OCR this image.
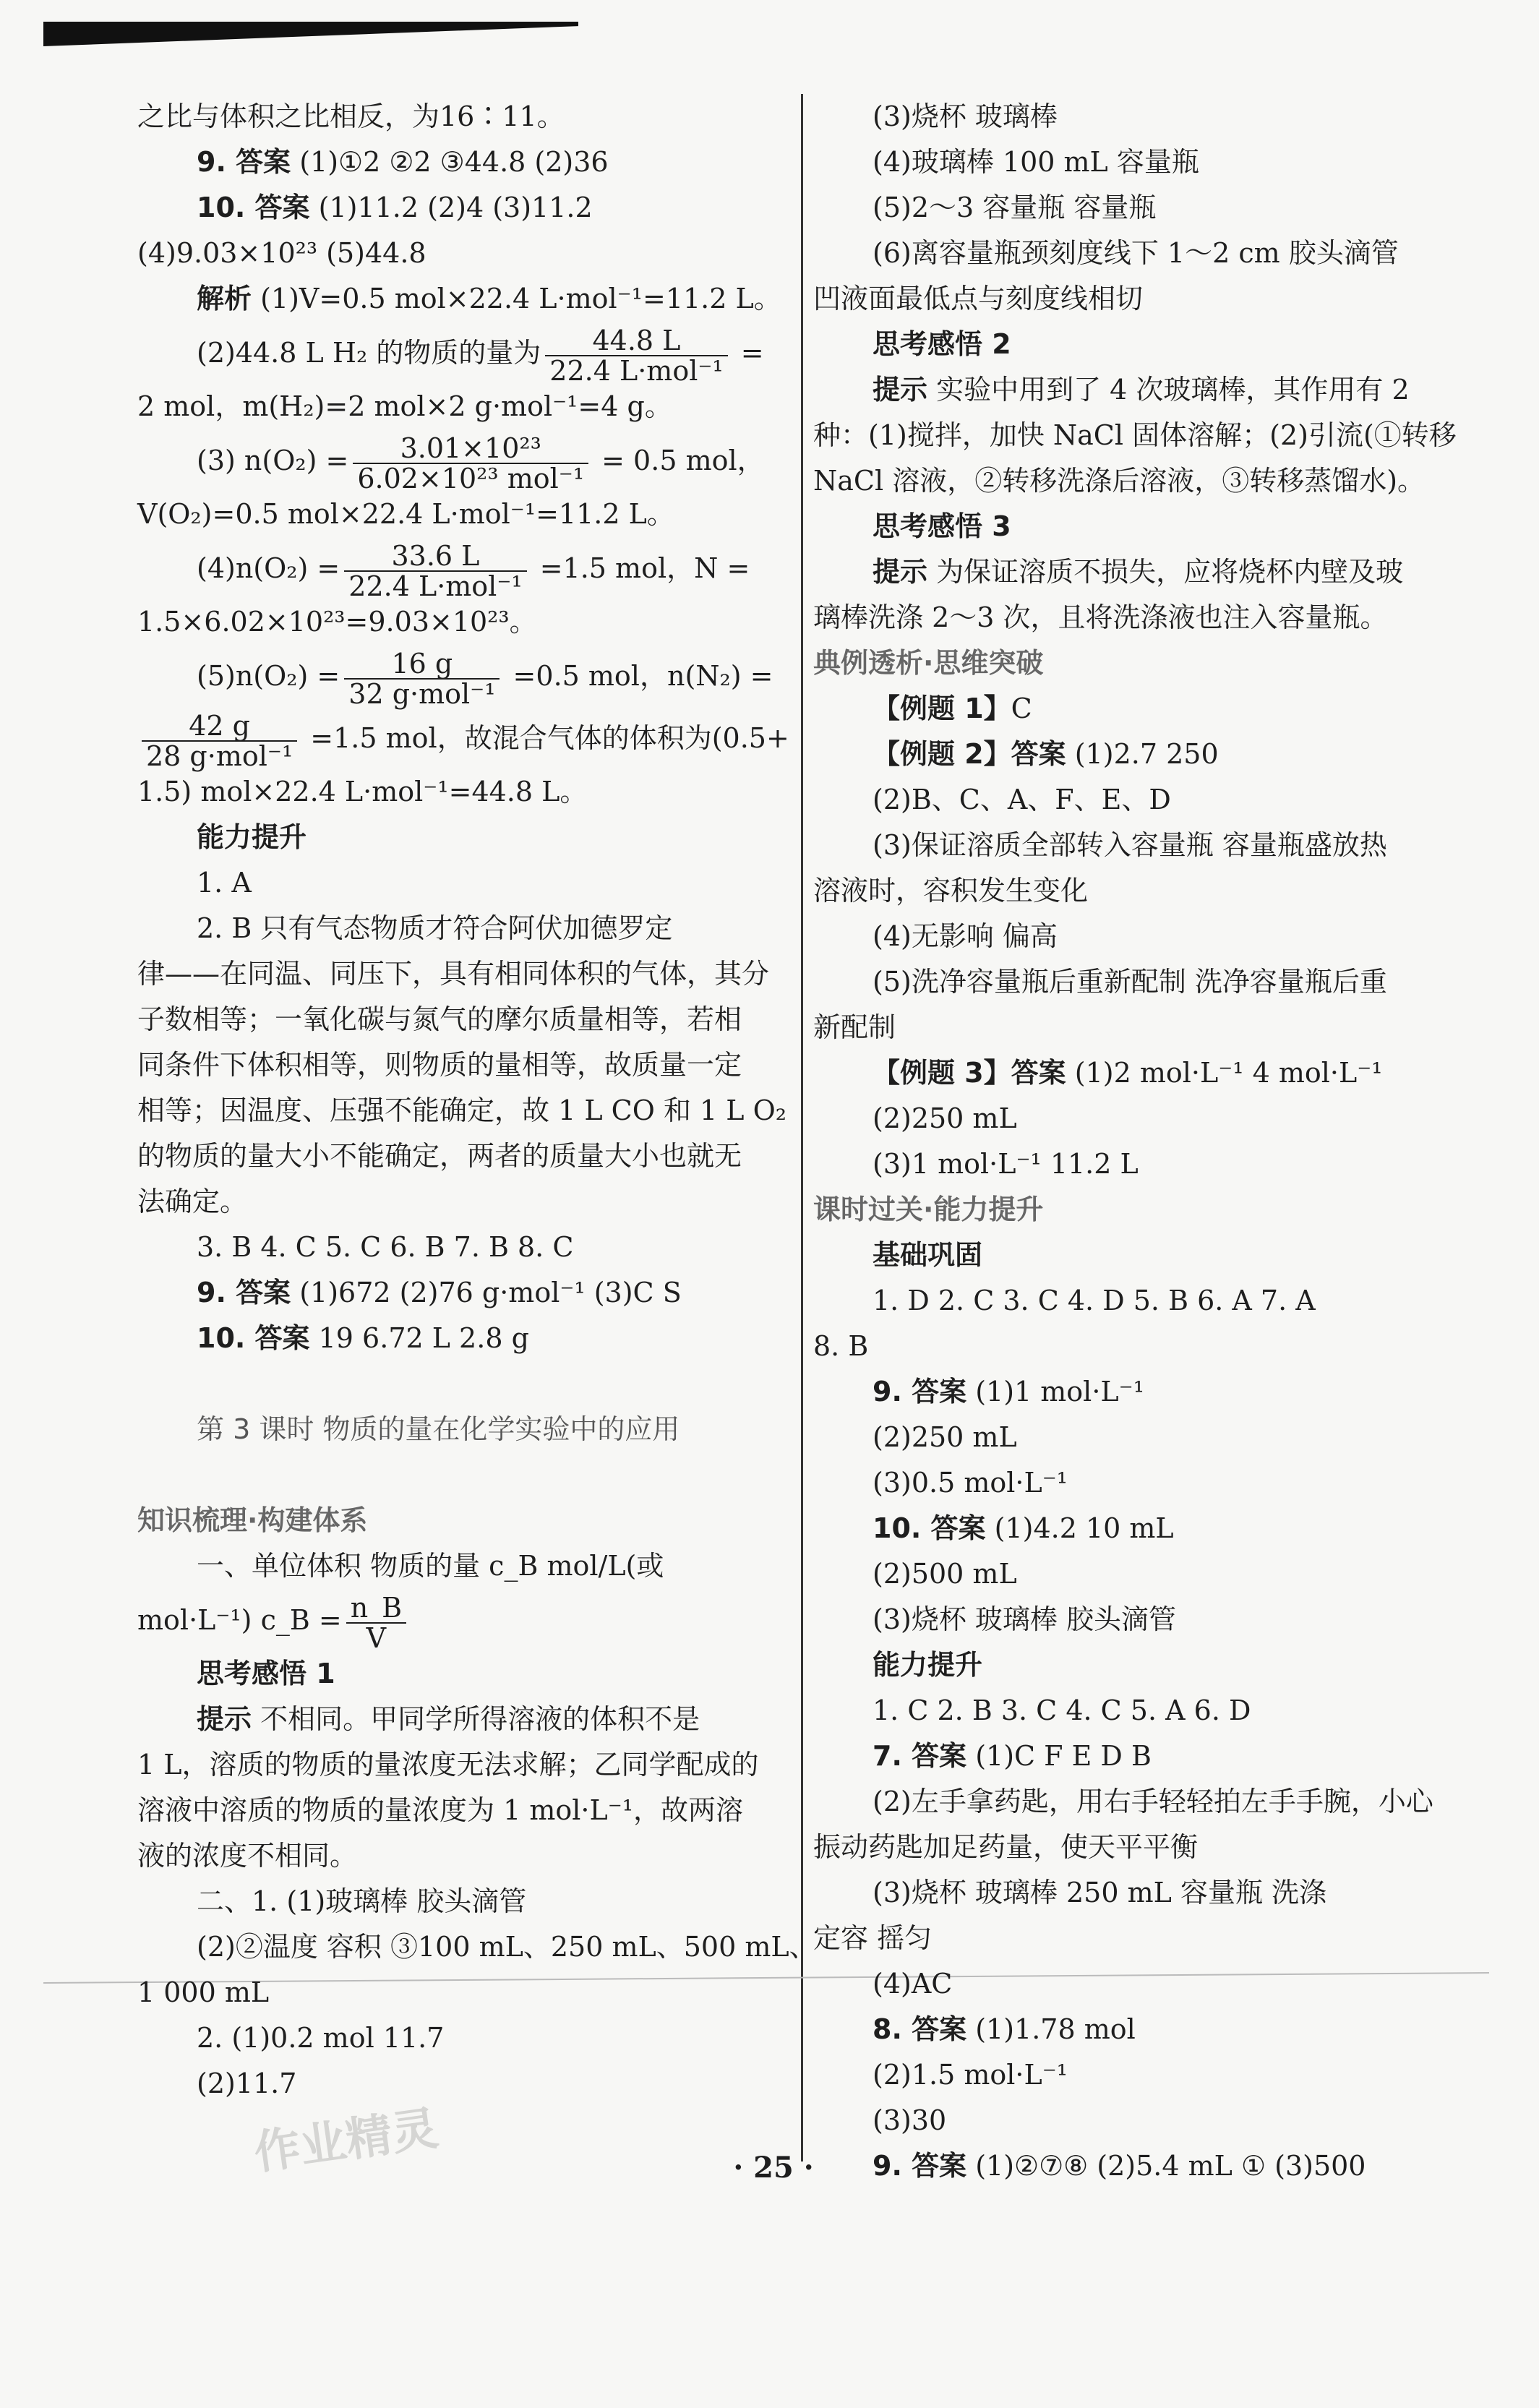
之比与体积之比相反，为16∶11。
9. 答案 (1)①2 ②2 ③44.8 (2)36
10. 答案 (1)11.2 (2)4 (3)11.2
(4)9.03×10²³ (5)44.8
解析 (1)V=0.5 mol×22.4 L·mol⁻¹=11.2 L。
(2)44.8 L H₂ 的物质的量为 $\frac{44.8 L}{\text{22.4 L·mol⁻¹}}$ =
2 mol，m(H₂)=2 mol×2 g·mol⁻¹=4 g。
(3) $n(O_2) = \frac{\text{3.01×10²³}}{\text{6.02×10²³ mol⁻¹}} = 0.5$ mol，
V(O₂)=0.5 mol×22.4 L·mol⁻¹=11.2 L。
$(4)n(O_2) = \frac{33.6 L}{\text{22.4 L·mol⁻¹}} =1.5$ mol，N =
1.5×6.02×10²³=9.03×10²³。
$(5)n(O_2) = \frac{16 g}{\text{32 g·mol⁻¹}} =0.5$ mol，n(N₂) =
$\frac{42 g}{\text{28 g·mol⁻¹}} =1.5$ mol，故混合气体的体积为(0.5+
1.5) mol×22.4 L·mol⁻¹=44.8 L。
能力提升
1. A
2. B 只有气态物质才符合阿伏加德罗定
律——在同温、同压下，具有相同体积的气体，其分
子数相等；一氧化碳与氮气的摩尔质量相等，若相
同条件下体积相等，则物质的量相等，故质量一定
相等；因温度、压强不能确定，故 1 L CO 和 1 L O₂
的物质的量大小不能确定，两者的质量大小也就无
法确定。
3. B 4. C 5. C 6. B 7. B 8. C
9. 答案 (1)672 (2)76 g·mol⁻¹ (3)C S
10. 答案 19 6.72 L 2.8 g
第 3 课时 物质的量在化学实验中的应用
知识梳理·构建体系
一、单位体积 物质的量 c_B mol/L(或
mol·L⁻¹) c_B = $\frac{n\_B}{V}$
思考感悟 1
提示 不相同。甲同学所得溶液的体积不是
1 L，溶质的物质的量浓度无法求解；乙同学配成的
溶液中溶质的物质的量浓度为 1 mol·L⁻¹，故两溶
液的浓度不相同。
二、1. (1)玻璃棒 胶头滴管
(2)②温度 容积 ③100 mL、250 mL、500 mL、
1 000 mL
2. (1)0.2 mol 11.7
(2)11.7
(3)烧杯 玻璃棒
(4)玻璃棒 100 mL 容量瓶
(5)2～3 容量瓶 容量瓶
(6)离容量瓶颈刻度线下 1～2 cm 胶头滴管
凹液面最低点与刻度线相切
思考感悟 2
提示 实验中用到了 4 次玻璃棒，其作用有 2
种：(1)搅拌，加快 NaCl 固体溶解；(2)引流(①转移
NaCl 溶液，②转移洗涤后溶液，③转移蒸馏水)。
思考感悟 3
提示 为保证溶质不损失，应将烧杯内壁及玻
璃棒洗涤 2～3 次，且将洗涤液也注入容量瓶。
典例透析·思维突破
【例题 1】C
【例题 2】答案 (1)2.7 250
(2)B、C、A、F、E、D
(3)保证溶质全部转入容量瓶 容量瓶盛放热
溶液时，容积发生变化
(4)无影响 偏高
(5)洗净容量瓶后重新配制 洗净容量瓶后重
新配制
【例题 3】答案 (1)2 mol·L⁻¹ 4 mol·L⁻¹
(2)250 mL
(3)1 mol·L⁻¹ 11.2 L
课时过关·能力提升
基础巩固
1. D 2. C 3. C 4. D 5. B 6. A 7. A
8. B
9. 答案 (1)1 mol·L⁻¹
(2)250 mL
(3)0.5 mol·L⁻¹
10. 答案 (1)4.2 10 mL
(2)500 mL
(3)烧杯 玻璃棒 胶头滴管
能力提升
1. C 2. B 3. C 4. C 5. A 6. D
7. 答案 (1)C F E D B
(2)左手拿药匙，用右手轻轻拍左手手腕，小心
振动药匙加足药量，使天平平衡
(3)烧杯 玻璃棒 250 mL 容量瓶 洗涤
定容 摇匀
(4)AC
8. 答案 (1)1.78 mol
(2)1.5 mol·L⁻¹
(3)30
9. 答案 (1)②⑦⑧ (2)5.4 mL ① (3)500
· 25 ·
作业精灵
